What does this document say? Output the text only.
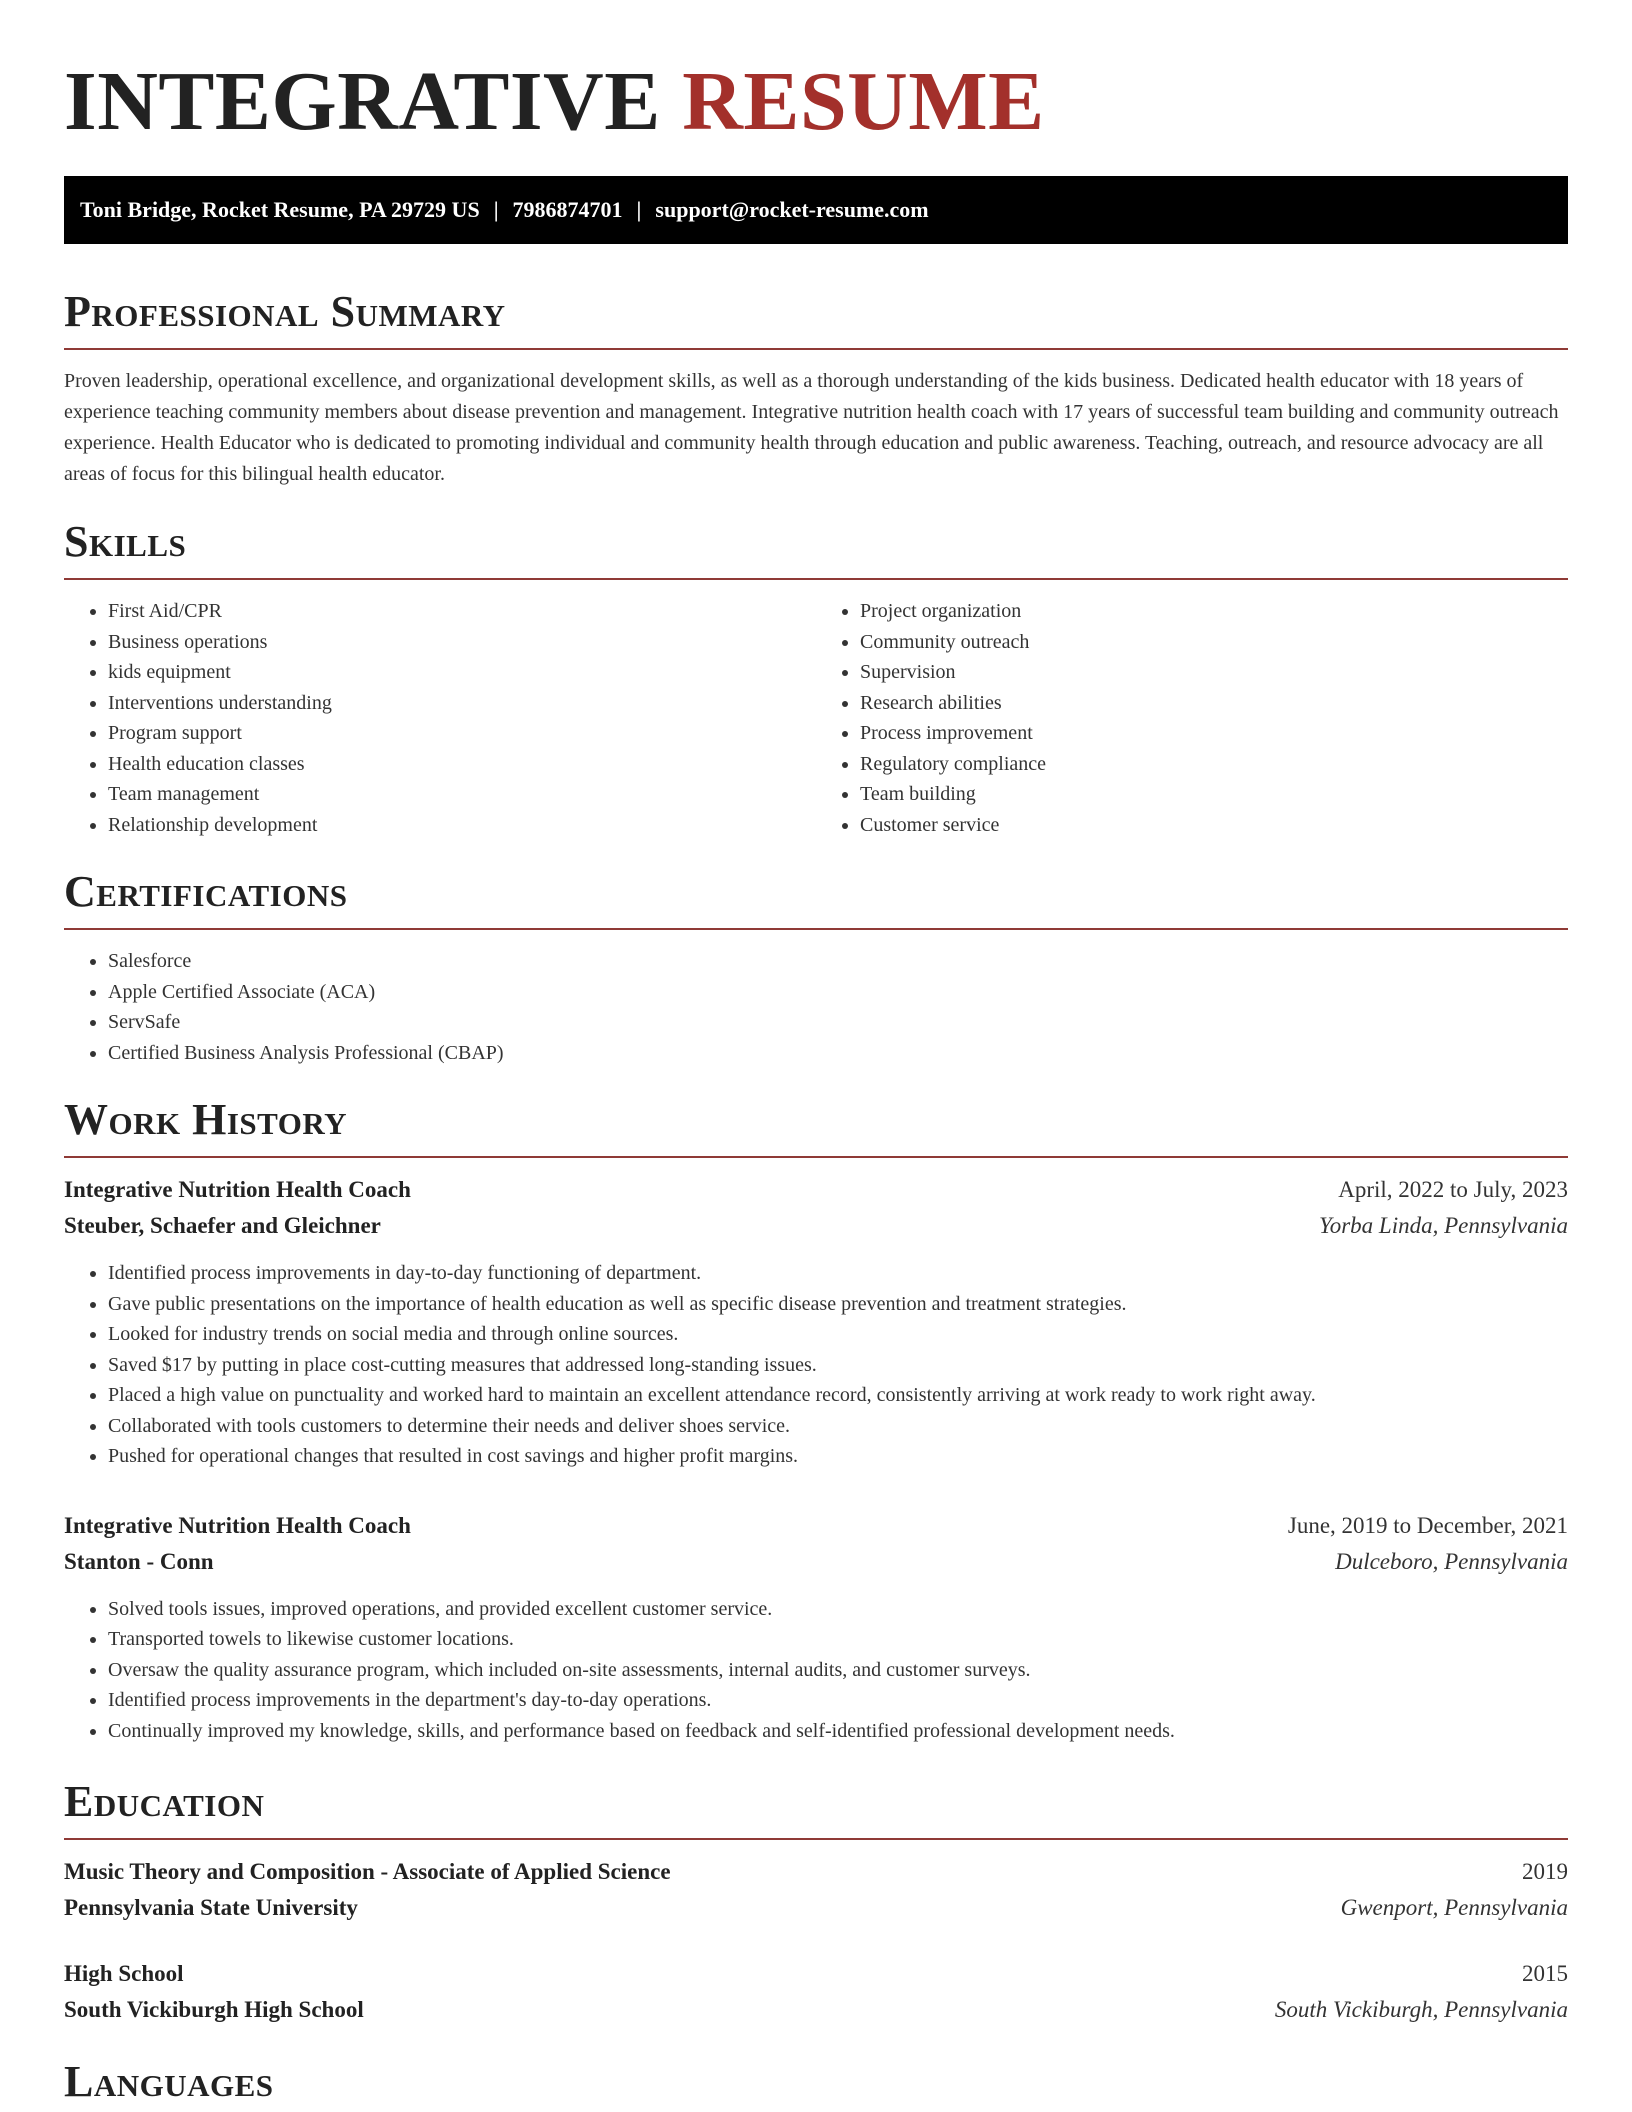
INTEGRATIVE RESUME
Toni Bridge, Rocket Resume, PA 29729 US | 7986874701 | support@rocket-resume.com
Professional Summary

Proven leadership, operational excellence, and organizational development skills, as well as a thorough understanding of the kids business. Dedicated health educator with 18 years of experience teaching community members about disease prevention and management. Integrative nutrition health coach with 17 years of successful team building and community outreach experience. Health Educator who is dedicated to promoting individual and community health through education and public awareness. Teaching, outreach, and resource advocacy are all areas of focus for this bilingual health educator.

Skills
• First Aid/CPR
• Business operations
• kids equipment
• Interventions understanding
• Program support
• Health education classes
• Team management
• Relationship development
• Project organization
• Community outreach
• Supervision
• Research abilities
• Process improvement
• Regulatory compliance
• Team building
• Customer service
Certifications
• Salesforce
• Apple Certified Associate (ACA)
• ServSafe
• Certified Business Analysis Professional (CBAP)
Work History
Integrative Nutrition Health Coach	April, 2022 to July, 2023
Steuber, Schaefer and Gleichner	Yorba Linda, Pennsylvania
• Identified process improvements in day-to-day functioning of department.
• Gave public presentations on the importance of health education as well as specific disease prevention and treatment strategies.
• Looked for industry trends on social media and through online sources.
• Saved $17 by putting in place cost-cutting measures that addressed long-standing issues.
• Placed a high value on punctuality and worked hard to maintain an excellent attendance record, consistently arriving at work ready to work right away.
• Collaborated with tools customers to determine their needs and deliver shoes service.
• Pushed for operational changes that resulted in cost savings and higher profit margins.
Integrative Nutrition Health Coach	June, 2019 to December, 2021
Stanton - Conn	Dulceboro, Pennsylvania
• Solved tools issues, improved operations, and provided excellent customer service.
• Transported towels to likewise customer locations.
• Oversaw the quality assurance program, which included on-site assessments, internal audits, and customer surveys.
• Identified process improvements in the department's day-to-day operations.
• Continually improved my knowledge, skills, and performance based on feedback and self-identified professional development needs.
Education
Music Theory and Composition - Associate of Applied Science	2019
Pennsylvania State University	Gwenport, Pennsylvania
High School	2015
South Vickiburgh High School	South Vickiburgh, Pennsylvania
Languages
